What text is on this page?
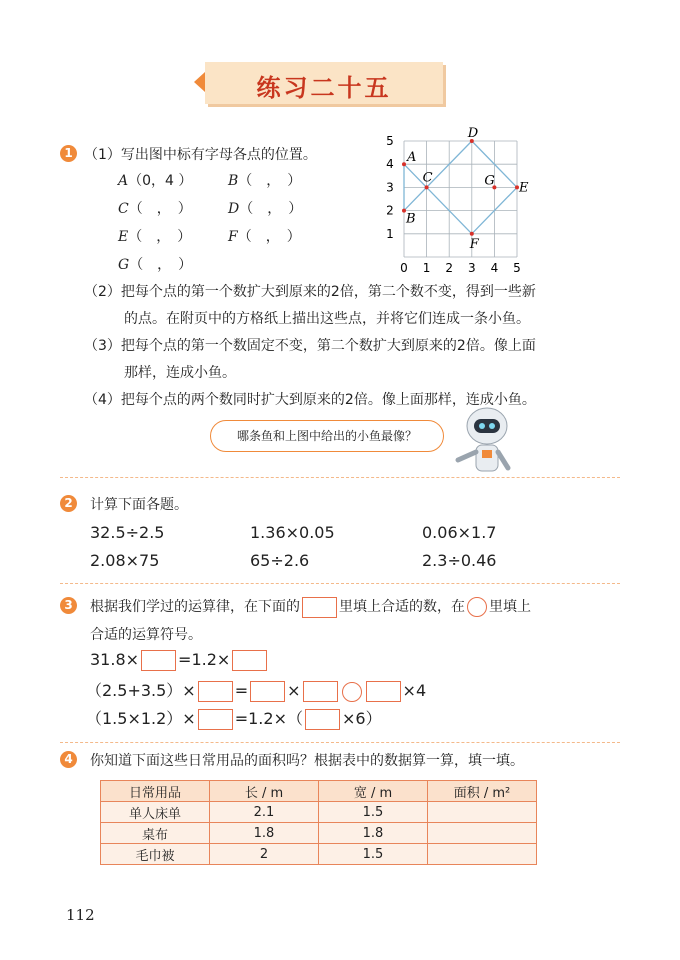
练习二十五
1 （1）写出图中标有字母各点的位置。
A（0，4 ）	B（　，　）
C（　，　）	D（　，　）
E（　，　）	F（　，　）
G（　，　）	0 1 2 3 4 5
1
2
3
4
5
A
B
C
D
E
F
G
（2）把每个点的第一个数扩大到原来的2倍，第二个数不变，得到一些新
的点。在附页中的方格纸上描出这些点，并将它们连成一条小鱼。
（3）把每个点的第一个数固定不变，第二个数扩大到原来的2倍。像上面
那样，连成小鱼。
（4）把每个点的两个数同时扩大到原来的2倍。像上面那样，连成小鱼。
哪条鱼和上图中给出的小鱼最像？
2	计算下面各题。
32.5÷2.5	1.36×0.05	0.06×1.7
2.08×75	65÷2.6	2.3÷0.46
3	根据我们学过的运算律，在下面的	里填上合适的数，在 里填上
合适的运算符号。
31.8× =1.2×
（2.5+3.5）× = ×	×4
（1.5×1.2）× =1.2×（ ×6）
4	你知道下面这些日常用品的面积吗？根据表中的数据算一算，填一填。
日常用品	长 / m	宽 / m	面积 / m²
单人床单	2.1	1.5	
桌布	1.8	1.8	
毛巾被	2	1.5	
112
